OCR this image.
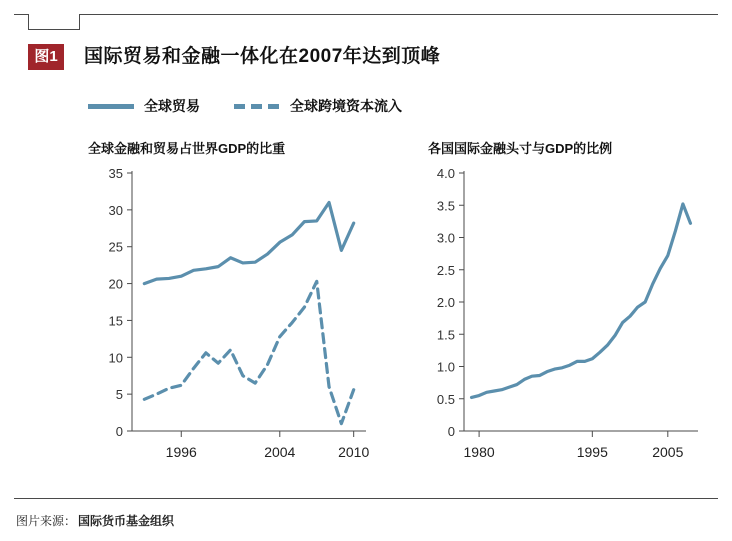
图1	国际贸易和金融一体化在2007年达到顶峰
全球贸易	全球跨境资本流入
全球金融和贸易占世界GDP的比重	各国国际金融头寸与GDP的比例
0
5
10
15
20
25
30
35
1996	2004	2010
0
0.5
1.0
1.5
2.0
2.5
3.0
3.5
4.0
1980	1995	2005
图片来源： 国际货币基金组织
